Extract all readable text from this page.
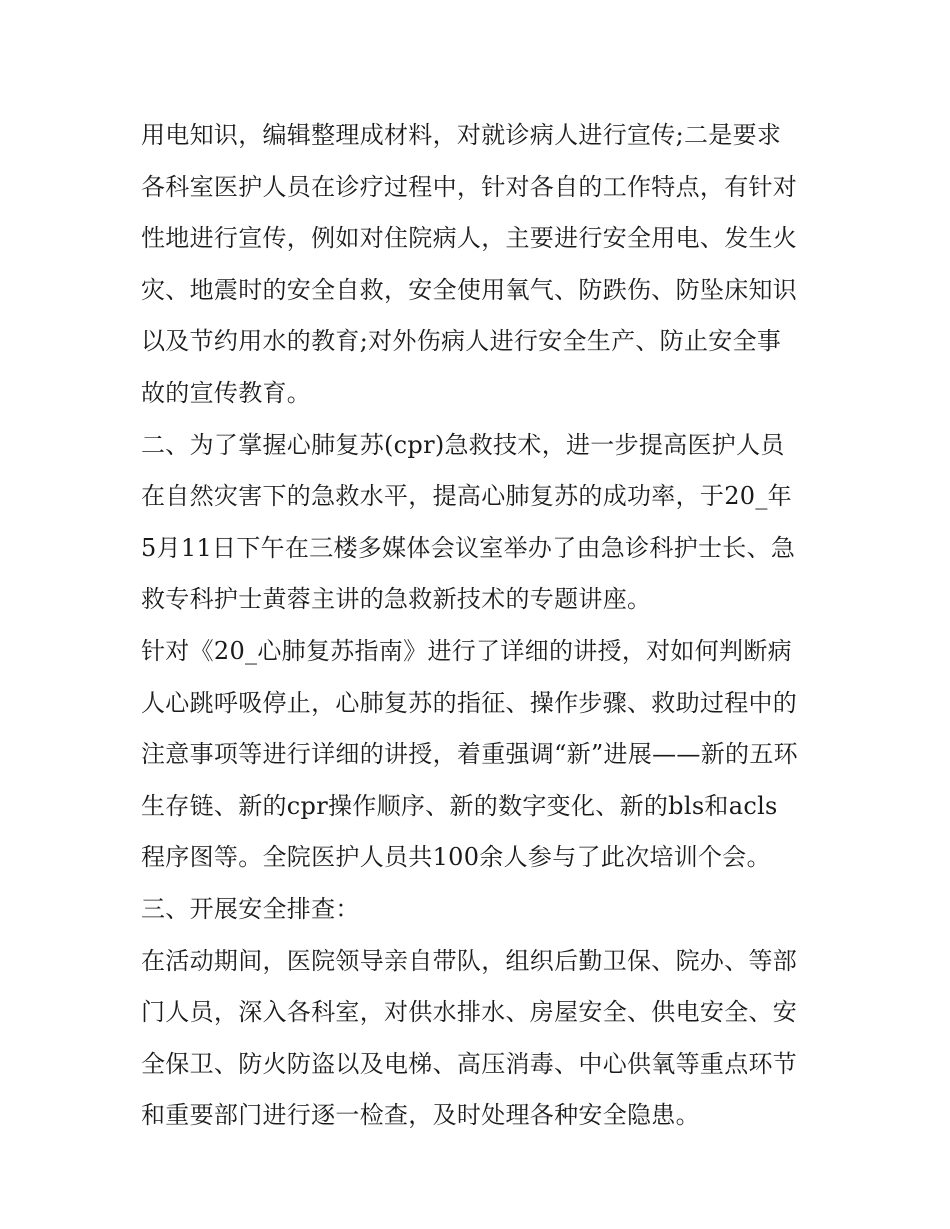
用电知识，编辑整理成材料，对就诊病人进行宣传;二是要求
各科室医护人员在诊疗过程中，针对各自的工作特点，有针对
性地进行宣传，例如对住院病人，主要进行安全用电、发生火
灾、地震时的安全自救，安全使用氧气、防跌伤、防坠床知识
以及节约用水的教育;对外伤病人进行安全生产、防止安全事
故的宣传教育。
二、为了掌握心肺复苏(cpr)急救技术，进一步提高医护人员
在自然灾害下的急救水平，提高心肺复苏的成功率，于20_年
5月11日下午在三楼多媒体会议室举办了由急诊科护士长、急
救专科护士黄蓉主讲的急救新技术的专题讲座。
针对《20_心肺复苏指南》进行了详细的讲授，对如何判断病
人心跳呼吸停止，心肺复苏的指征、操作步骤、救助过程中的
注意事项等进行详细的讲授，着重强调“新”进展——新的五环
生存链、新的cpr操作顺序、新的数字变化、新的bls和acls
程序图等。全院医护人员共100余人参与了此次培训个会。
三、开展安全排查：
在活动期间，医院领导亲自带队，组织后勤卫保、院办、等部
门人员，深入各科室，对供水排水、房屋安全、供电安全、安
全保卫、防火防盗以及电梯、高压消毒、中心供氧等重点环节
和重要部门进行逐一检查，及时处理各种安全隐患。
